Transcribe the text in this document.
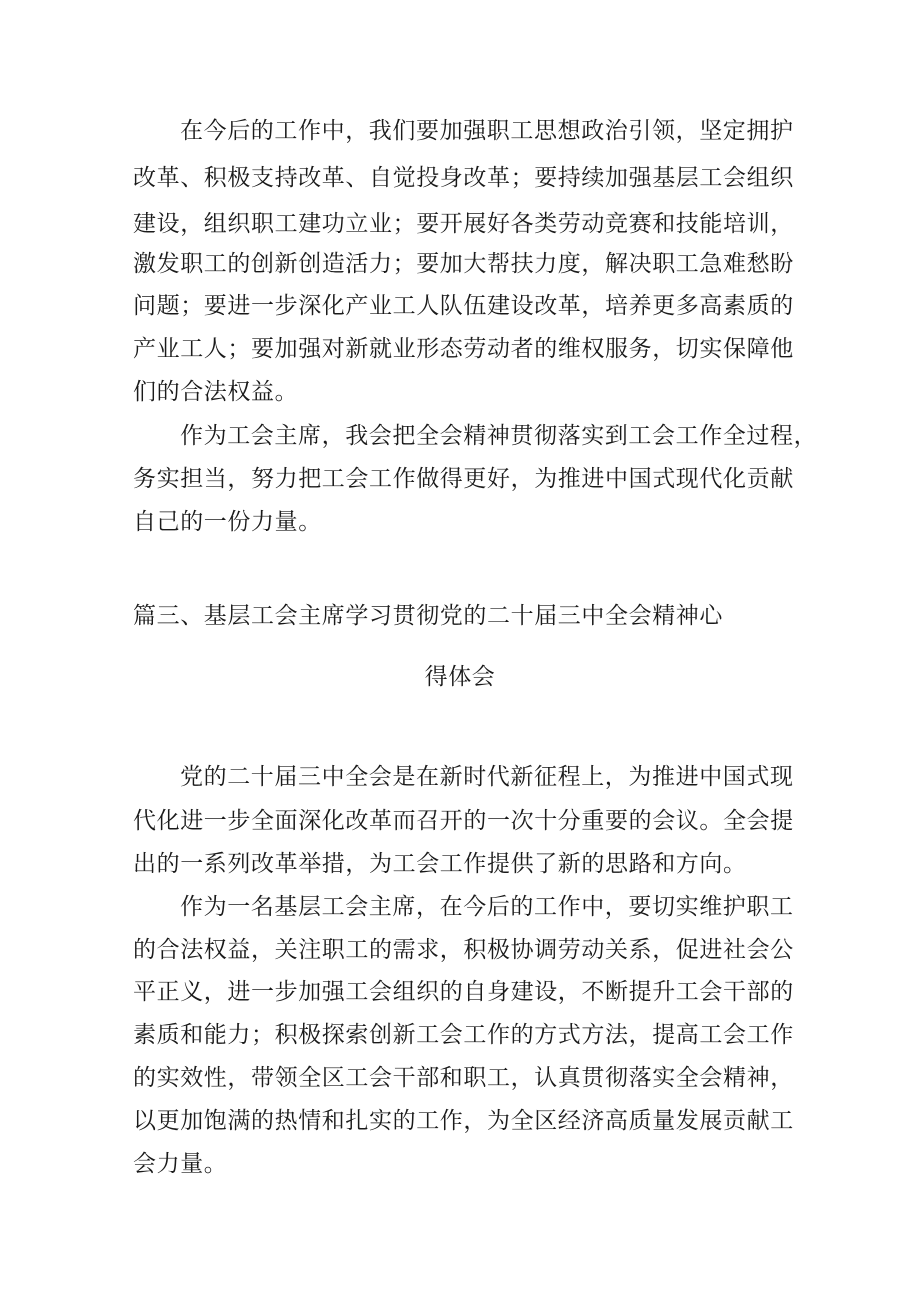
在今后的工作中，我们要加强职工思想政治引领，坚定拥护
改革、积极支持改革、自觉投身改革；要持续加强基层工会组织
建设，组织职工建功立业；要开展好各类劳动竞赛和技能培训，
激发职工的创新创造活力；要加大帮扶力度，解决职工急难愁盼
问题；要进一步深化产业工人队伍建设改革，培养更多高素质的
产业工人；要加强对新就业形态劳动者的维权服务，切实保障他
们的合法权益。
作为工会主席，我会把全会精神贯彻落实到工会工作全过程，
务实担当，努力把工会工作做得更好，为推进中国式现代化贡献
自己的一份力量。
篇三、基层工会主席学习贯彻党的二十届三中全会精神心
得体会
党的二十届三中全会是在新时代新征程上，为推进中国式现
代化进一步全面深化改革而召开的一次十分重要的会议。全会提
出的一系列改革举措，为工会工作提供了新的思路和方向。
作为一名基层工会主席，在今后的工作中，要切实维护职工
的合法权益，关注职工的需求，积极协调劳动关系，促进社会公
平正义，进一步加强工会组织的自身建设，不断提升工会干部的
素质和能力；积极探索创新工会工作的方式方法，提高工会工作
的实效性，带领全区工会干部和职工，认真贯彻落实全会精神，
以更加饱满的热情和扎实的工作，为全区经济高质量发展贡献工
会力量。
